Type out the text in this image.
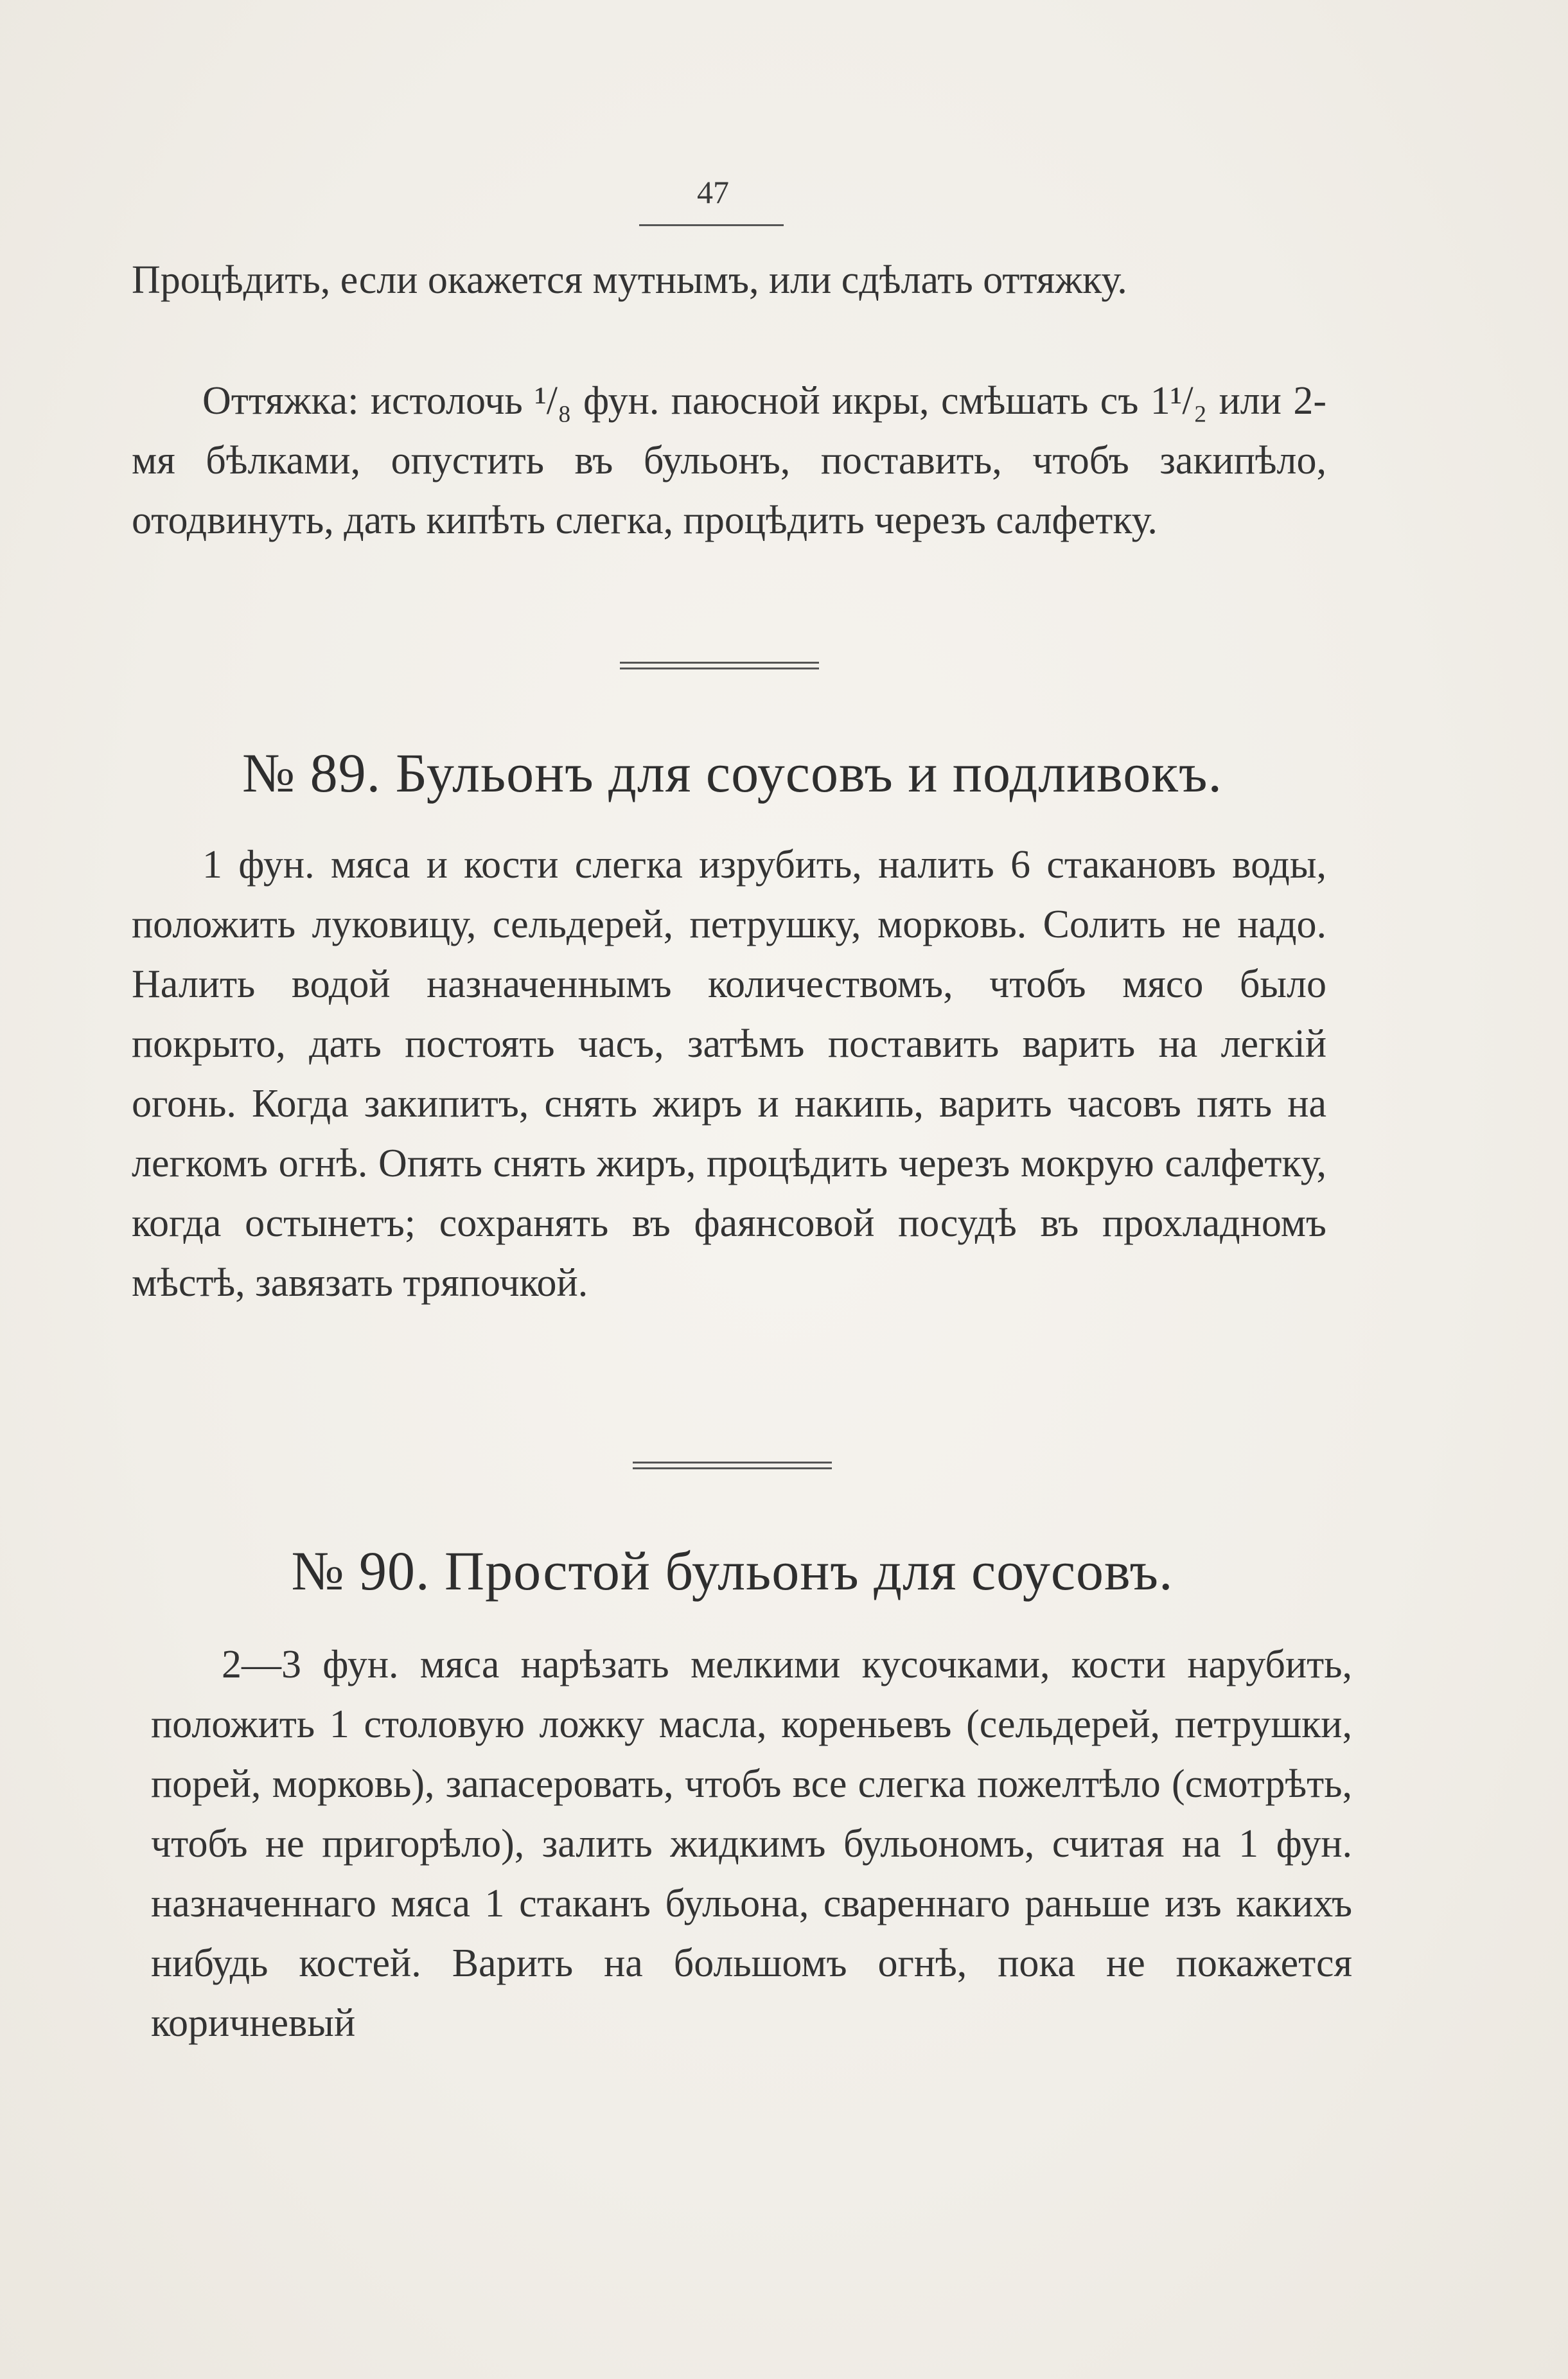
47

Процѣдить, если окажется мутнымъ, или сдѣлать оттяжку.

Оттяжка: истолочь ¹/₈ фун. паюсной икры, смѣшать съ 1¹/₂ или 2-мя бѣлками, опустить въ бульонъ, поставить, чтобъ закипѣло, отодвинуть, дать кипѣть слегка, процѣдить черезъ салфетку.

№ 89. Бульонъ для соусовъ и подливокъ.

1 фун. мяса и кости слегка изрубить, налить 6 стакановъ воды, положить луковицу, сельдерей, петрушку, морковь. Солить не надо. Налить водой назначеннымъ количествомъ, чтобъ мясо было покрыто, дать постоять часъ, затѣмъ поставить варить на легкiй огонь. Когда закипитъ, снять жиръ и накипь, варить часовъ пять на легкомъ огнѣ. Опять снять жиръ, процѣдить черезъ мокрую салфетку, когда остынетъ; сохранять въ фаянсовой посудѣ въ прохладномъ мѣстѣ, завязать тряпочкой.

№ 90. Простой бульонъ для соусовъ.

2—3 фун. мяса нарѣзать мелкими кусочками, кости нарубить, положить 1 столовую ложку масла, кореньевъ (сельдерей, петрушки, порей, морковь), запасеровать, чтобъ все слегка пожелтѣло (смотрѣть, чтобъ не пригорѣло), залить жидкимъ бульономъ, считая на 1 фун. назначеннаго мяса 1 стаканъ бульона, свареннаго раньше изъ какихъ нибудь костей. Варить на большомъ огнѣ, пока не покажется коричневый
